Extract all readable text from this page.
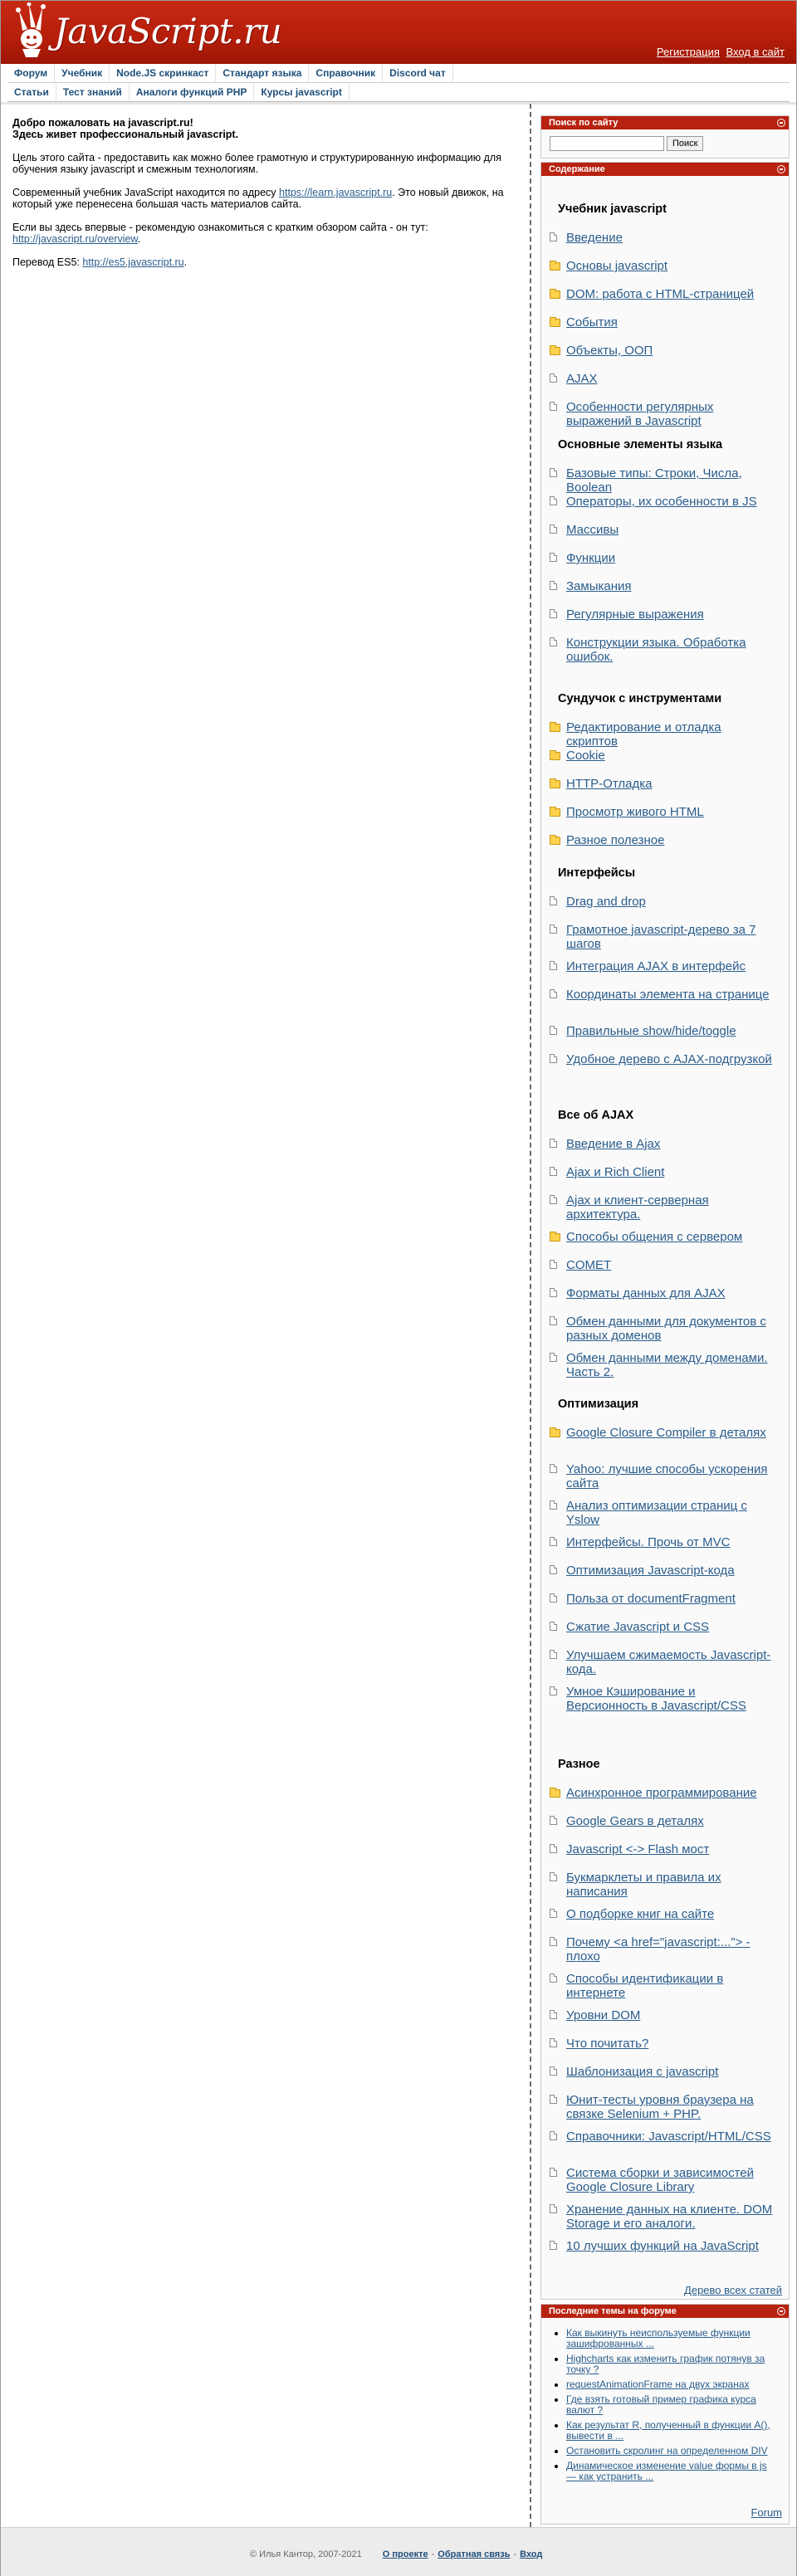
JavaScript.ru
Регистрация Вход в сайт
Форум Учебник Node.JS скринкаст Стандарт языка Справочник Discord чат
Статьи Тест знаний Аналоги функций PHP Курсы javascript
Добро пожаловать на javascript.ru!
Здесь живет профессиональный javascript.

Цель этого сайта - предоставить как можно более грамотную и структурированную информацию для обучения языку javascript и смежным технологиям.

Современный учебник JavaScript находится по адресу https://learn.javascript.ru. Это новый движок, на который уже перенесена большая часть материалов сайта.

Если вы здесь впервые - рекомендую ознакомиться с кратким обзором сайта - он тут:
http://javascript.ru/overview.

Перевод ES5: http://es5.javascript.ru.

Поиск по сайту
Поиск
Содержание
Учебник javascript
Введение
Основы javascript
DOM: работа с HTML-страницей
События
Объекты, ООП
AJAX
Особенности регулярных выражений в Javascript
Основные элементы языка
Базовые типы: Строки, Числа, Boolean
Операторы, их особенности в JS
Массивы
Функции
Замыкания
Регулярные выражения
Конструкции языка. Обработка ошибок.
Сундучок с инструментами
Редактирование и отладка скриптов
Cookie
HTTP-Отладка
Просмотр живого HTML
Разное полезное
Интерфейсы
Drag and drop
Грамотное javascript-дерево за 7 шагов
Интеграция AJAX в интерфейс
Координаты элемента на странице
Правильные show/hide/toggle
Удобное дерево с AJAX-подгрузкой
Все об AJAX
Введение в Ajax
Ajax и Rich Client
Ajax и клиент-серверная архитектура.
Способы общения с сервером
COMET
Форматы данных для AJAX
Обмен данными для документов с разных доменов
Обмен данными между доменами. Часть 2.
Оптимизация
Google Closure Compiler в деталях
Yahoo: лучшие способы ускорения сайта
Анализ оптимизации страниц с Yslow
Интерфейсы. Прочь от MVC
Оптимизация Javascript-кода
Польза от documentFragment
Сжатие Javascript и CSS
Улучшаем сжимаемость Javascript-кода.
Умное Кэширование и Версионность в Javascript/CSS
Разное
Асинхронное программирование
Google Gears в деталях
Javascript <-> Flash мост
Букмарклеты и правила их написания
О подборке книг на сайте
Почему <a href="javascript:..."> - плохо
Способы идентификации в интернете
Уровни DOM
Что почитать?
Шаблонизация с javascript
Юнит-тесты уровня браузера на связке Selenium + PHP.
Справочники: Javascript/HTML/CSS
Система сборки и зависимостей Google Closure Library
Хранение данных на клиенте. DOM Storage и его аналоги.
10 лучших функций на JavaScript
Дерево всех статей
Последние темы на форуме
• Как выкинуть неиспользуемые функции зашифрованных ...
• Highcharts как изменить график потянув за точку ?
• requestAnimationFrame на двух экранах
• Где взять готовый пример графика курса валют ?
• Как результат R, полученный в функции A(), вывести в ...
• Остановить скролинг на определенном DIV
• Динамическое изменение value формы в js — как устранить ...
Forum
© Илья Кантор, 2007-2021 О проекте - Обратная связь - Вход
